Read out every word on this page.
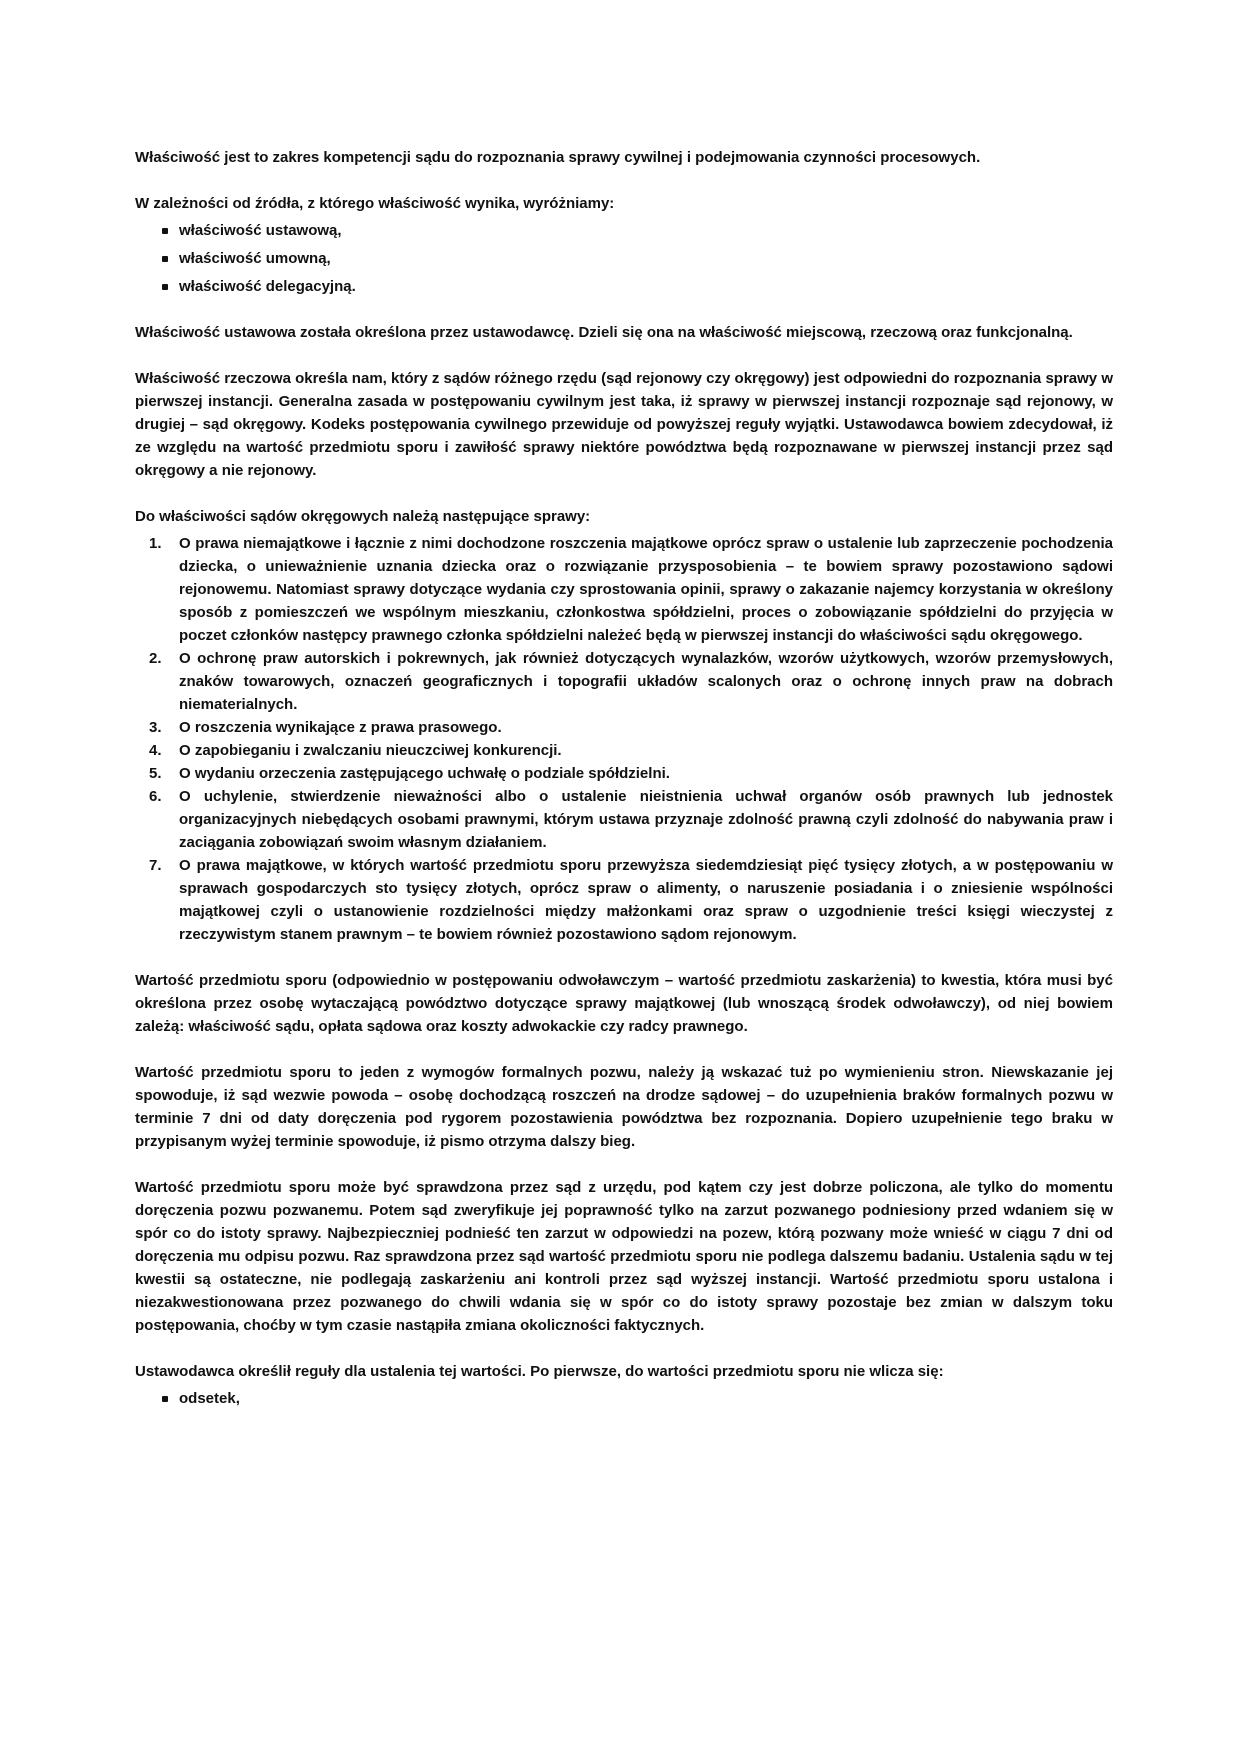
Właściwość jest to zakres kompetencji sądu do rozpoznania sprawy cywilnej i podejmowania czynności procesowych.

W zależności od źródła, z którego właściwość wynika, wyróżniamy:

właściwość ustawową,
właściwość umowną,
właściwość delegacyjną.

Właściwość ustawowa została określona przez ustawodawcę. Dzieli się ona na właściwość miejscową, rzeczową oraz funkcjonalną.

Właściwość rzeczowa określa nam, który z sądów różnego rzędu (sąd rejonowy czy okręgowy) jest odpowiedni do rozpoznania sprawy w pierwszej instancji. Generalna zasada w postępowaniu cywilnym jest taka, iż sprawy w pierwszej instancji rozpoznaje sąd rejonowy, w drugiej – sąd okręgowy. Kodeks postępowania cywilnego przewiduje od powyższej reguły wyjątki. Ustawodawca bowiem zdecydował, iż ze względu na wartość przedmiotu sporu i zawiłość sprawy niektóre powództwa będą rozpoznawane w pierwszej instancji przez sąd okręgowy a nie rejonowy.

Do właściwości sądów okręgowych należą następujące sprawy:

1. O prawa niemajątkowe i łącznie z nimi dochodzone roszczenia majątkowe oprócz spraw o ustalenie lub zaprzeczenie pochodzenia dziecka, o unieważnienie uznania dziecka oraz o rozwiązanie przysposobienia – te bowiem sprawy pozostawiono sądowi rejonowemu. Natomiast sprawy dotyczące wydania czy sprostowania opinii, sprawy o zakazanie najemcy korzystania w określony sposób z pomieszczeń we wspólnym mieszkaniu, członkostwa spółdzielni, proces o zobowiązanie spółdzielni do przyjęcia w poczet członków następcy prawnego członka spółdzielni należeć będą w pierwszej instancji do właściwości sądu okręgowego.
2. O ochronę praw autorskich i pokrewnych, jak również dotyczących wynalazków, wzorów użytkowych, wzorów przemysłowych, znaków towarowych, oznaczeń geograficznych i topografii układów scalonych oraz o ochronę innych praw na dobrach niematerialnych.
3. O roszczenia wynikające z prawa prasowego.
4. O zapobieganiu i zwalczaniu nieuczciwej konkurencji.
5. O wydaniu orzeczenia zastępującego uchwałę o podziale spółdzielni.
6. O uchylenie, stwierdzenie nieważności albo o ustalenie nieistnienia uchwał organów osób prawnych lub jednostek organizacyjnych niebędących osobami prawnymi, którym ustawa przyznaje zdolność prawną czyli zdolność do nabywania praw i zaciągania zobowiązań swoim własnym działaniem.
7. O prawa majątkowe, w których wartość przedmiotu sporu przewyższa siedemdziesiąt pięć tysięcy złotych, a w postępowaniu w sprawach gospodarczych sto tysięcy złotych, oprócz spraw o alimenty, o naruszenie posiadania i o zniesienie wspólności majątkowej czyli o ustanowienie rozdzielności między małżonkami oraz spraw o uzgodnienie treści księgi wieczystej z rzeczywistym stanem prawnym – te bowiem również pozostawiono sądom rejonowym.

Wartość przedmiotu sporu (odpowiednio w postępowaniu odwoławczym – wartość przedmiotu zaskarżenia) to kwestia, która musi być określona przez osobę wytaczającą powództwo dotyczące sprawy majątkowej (lub wnoszącą środek odwoławczy), od niej bowiem zależą: właściwość sądu, opłata sądowa oraz koszty adwokackie czy radcy prawnego.

Wartość przedmiotu sporu to jeden z wymogów formalnych pozwu, należy ją wskazać tuż po wymienieniu stron. Niewskazanie jej spowoduje, iż sąd wezwie powoda – osobę dochodzącą roszczeń na drodze sądowej – do uzupełnienia braków formalnych pozwu w terminie 7 dni od daty doręczenia pod rygorem pozostawienia powództwa bez rozpoznania. Dopiero uzupełnienie tego braku w przypisanym wyżej terminie spowoduje, iż pismo otrzyma dalszy bieg.

Wartość przedmiotu sporu może być sprawdzona przez sąd z urzędu, pod kątem czy jest dobrze policzona, ale tylko do momentu doręczenia pozwu pozwanemu. Potem sąd zweryfikuje jej poprawność tylko na zarzut pozwanego podniesiony przed wdaniem się w spór co do istoty sprawy. Najbezpieczniej podnieść ten zarzut w odpowiedzi na pozew, którą pozwany może wnieść w ciągu 7 dni od doręczenia mu odpisu pozwu. Raz sprawdzona przez sąd wartość przedmiotu sporu nie podlega dalszemu badaniu. Ustalenia sądu w tej kwestii są ostateczne, nie podlegają zaskarżeniu ani kontroli przez sąd wyższej instancji. Wartość przedmiotu sporu ustalona i niezakwestionowana przez pozwanego do chwili wdania się w spór co do istoty sprawy pozostaje bez zmian w dalszym toku postępowania, choćby w tym czasie nastąpiła zmiana okoliczności faktycznych.

Ustawodawca określił reguły dla ustalenia tej wartości. Po pierwsze, do wartości przedmiotu sporu nie wlicza się:

odsetek,
